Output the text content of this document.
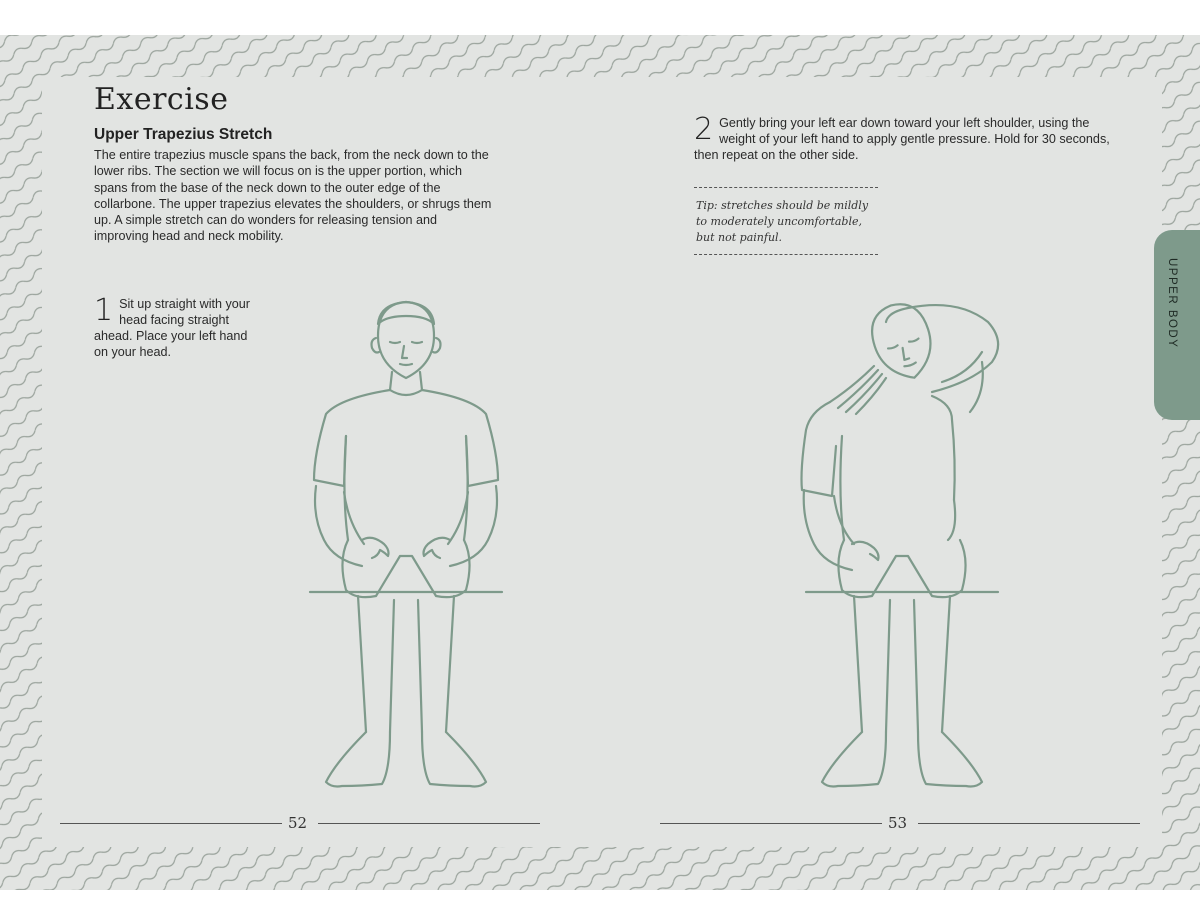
Exercise
Upper Trapezius Stretch
The entire trapezius muscle spans the back, from the neck down to the lower ribs. The section we will focus on is the upper portion, which spans from the base of the neck down to the outer edge of the collarbone. The upper trapezius elevates the shoulders, or shrugs them up. A simple stretch can do wonders for releasing tension and improving head and neck mobility.
1 Sit up straight with your head facing straight ahead. Place your left hand on your head.
52
2 Gently bring your left ear down toward your left shoulder, using the weight of your left hand to apply gentle pressure. Hold for 30 seconds, then repeat on the other side.
Tip: stretches should be mildly to moderately uncomfortable, but not painful.
UPPER BODY
53
